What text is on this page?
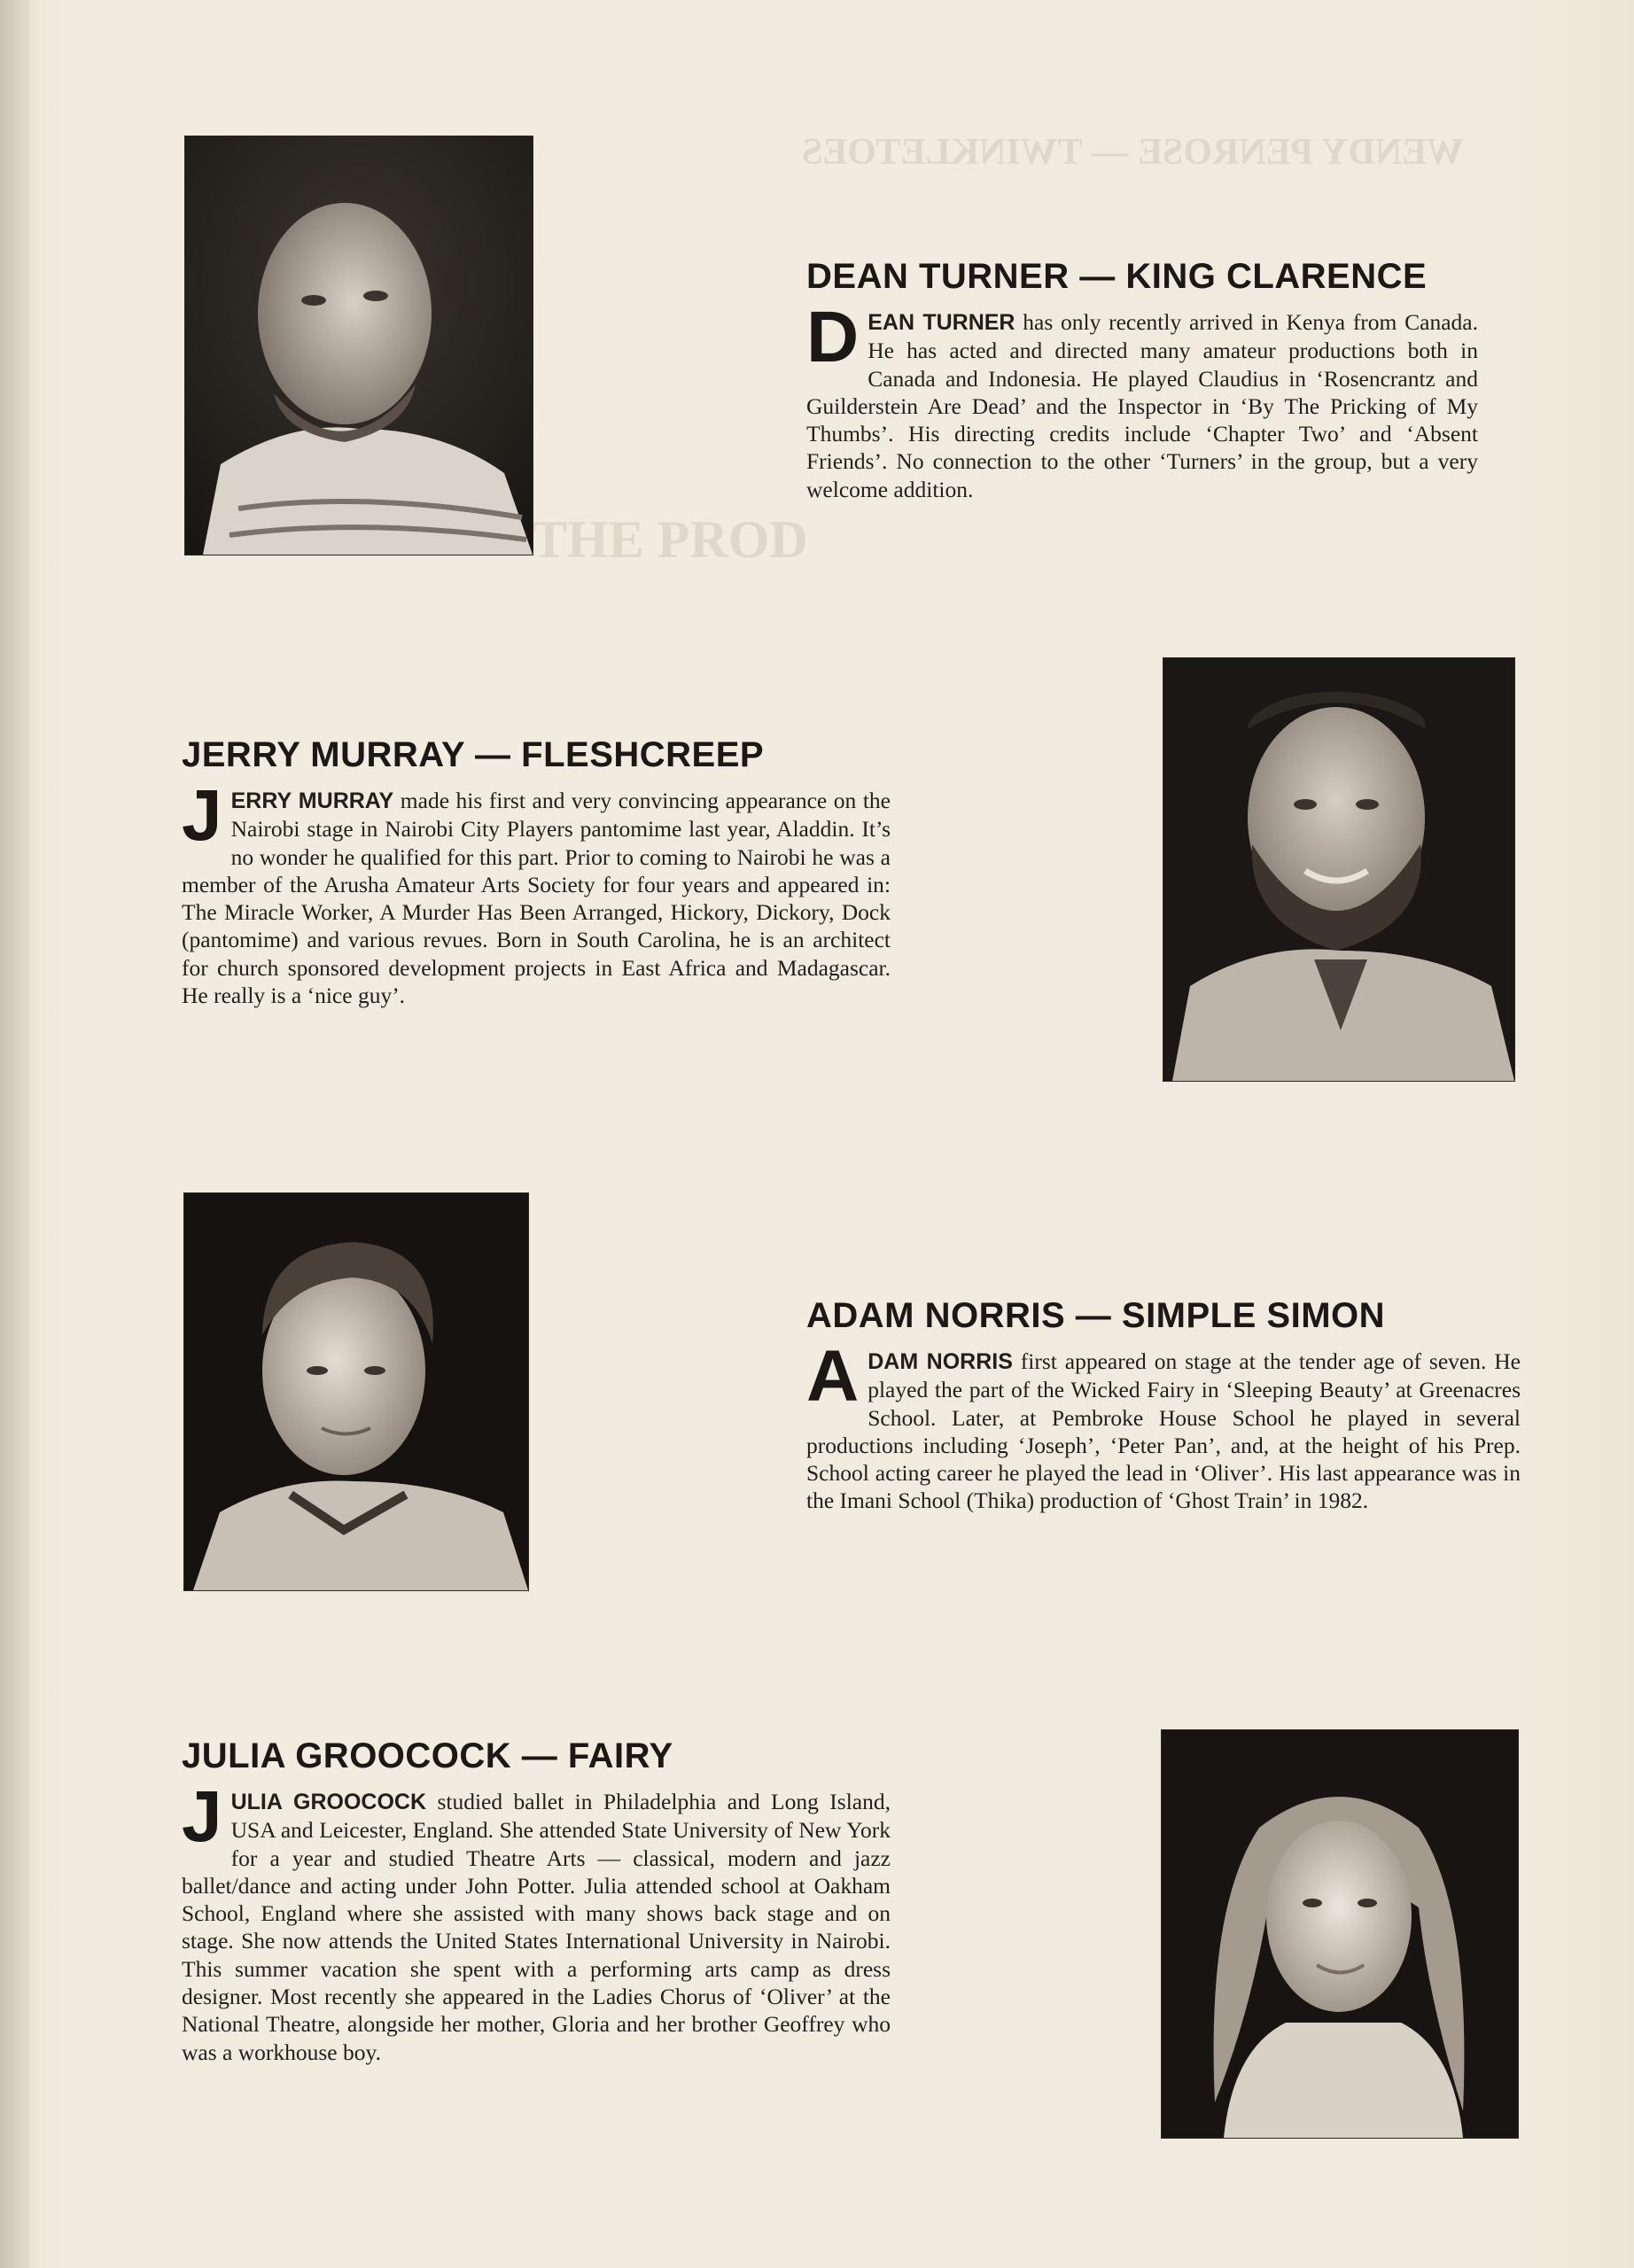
WENDY PENROSE — TWINKLETOES
THE PROD
DEAN TURNER — KING CLARENCE

DEAN TURNER has only recently arrived in Kenya from Canada. He has acted and directed many amateur productions both in Canada and Indonesia. He played Claudius in ‘Rosencrantz and Guilderstein Are Dead’ and the Inspector in ‘By The Pricking of My Thumbs’. His directing credits include ‘Chapter Two’ and ‘Absent Friends’. No connection to the other ‘Turners’ in the group, but a very welcome addition.

JERRY MURRAY — FLESHCREEP

JERRY MURRAY made his first and very convincing appearance on the Nairobi stage in Nairobi City Players pantomime last year, Aladdin. It’s no wonder he qualified for this part. Prior to coming to Nairobi he was a member of the Arusha Amateur Arts Society for four years and appeared in: The Miracle Worker, A Murder Has Been Arranged, Hickory, Dickory, Dock (pantomime) and various revues. Born in South Carolina, he is an architect for church sponsored development projects in East Africa and Madagascar. He really is a ‘nice guy’.

ADAM NORRIS — SIMPLE SIMON

ADAM NORRIS first appeared on stage at the tender age of seven. He played the part of the Wicked Fairy in ‘Sleeping Beauty’ at Greenacres School. Later, at Pembroke House School he played in several productions including ‘Joseph’, ‘Peter Pan’, and, at the height of his Prep. School acting career he played the lead in ‘Oliver’. His last appearance was in the Imani School (Thika) production of ‘Ghost Train’ in 1982.

JULIA GROOCOCK — FAIRY

JULIA GROOCOCK studied ballet in Philadelphia and Long Island, USA and Leicester, England. She attended State University of New York for a year and studied Theatre Arts — classical, modern and jazz ballet/dance and acting under John Potter. Julia attended school at Oakham School, England where she assisted with many shows back stage and on stage. She now attends the United States International University in Nairobi. This summer vacation she spent with a performing arts camp as dress designer. Most recently she appeared in the Ladies Chorus of ‘Oliver’ at the National Theatre, alongside her mother, Gloria and her brother Geoffrey who was a workhouse boy.
